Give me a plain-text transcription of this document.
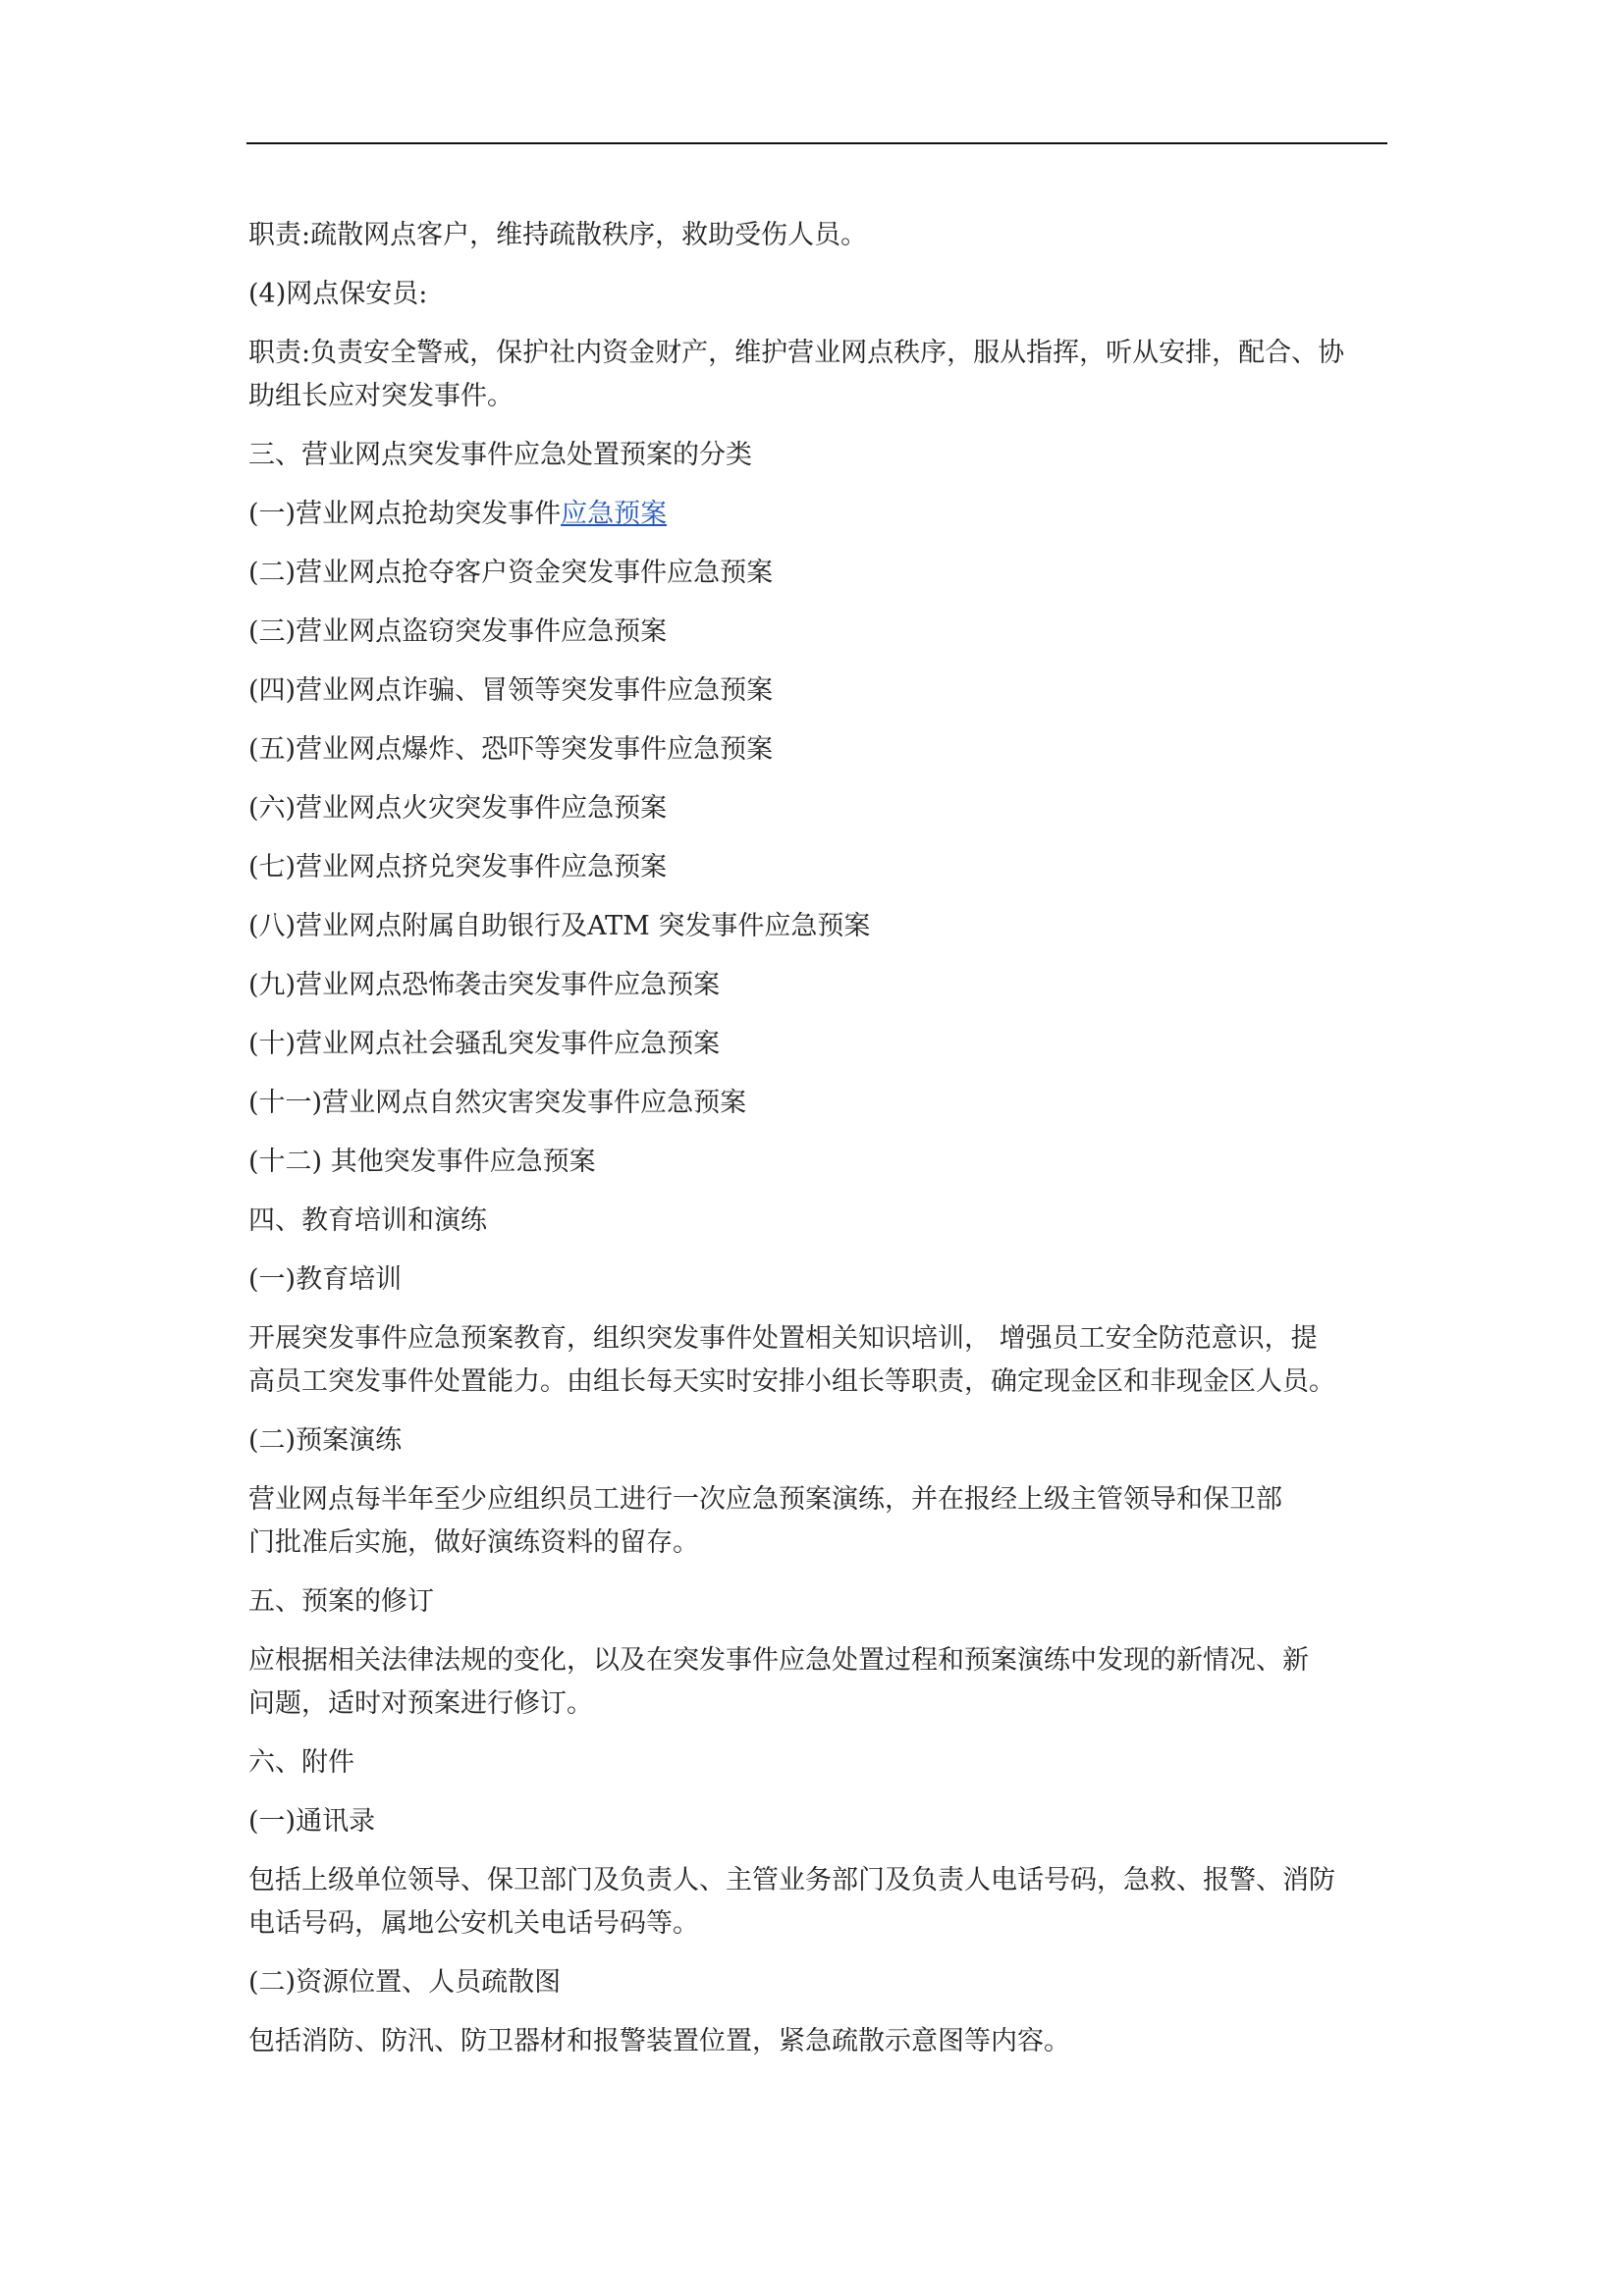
职责:疏散网点客户，维持疏散秩序，救助受伤人员。
(4)网点保安员:
职责:负责安全警戒，保护社内资金财产，维护营业网点秩序，服从指挥，听从安排，配合、协
助组长应对突发事件。
三、营业网点突发事件应急处置预案的分类
(一)营业网点抢劫突发事件应急预案
(二)营业网点抢夺客户资金突发事件应急预案
(三)营业网点盗窃突发事件应急预案
(四)营业网点诈骗、冒领等突发事件应急预案
(五)营业网点爆炸、恐吓等突发事件应急预案
(六)营业网点火灾突发事件应急预案
(七)营业网点挤兑突发事件应急预案
(八)营业网点附属自助银行及ATM 突发事件应急预案
(九)营业网点恐怖袭击突发事件应急预案
(十)营业网点社会骚乱突发事件应急预案
(十一)营业网点自然灾害突发事件应急预案
(十二) 其他突发事件应急预案
四、教育培训和演练
(一)教育培训
开展突发事件应急预案教育，组织突发事件处置相关知识培训， 增强员工安全防范意识，提
高员工突发事件处置能力。由组长每天实时安排小组长等职责，确定现金区和非现金区人员。
(二)预案演练
营业网点每半年至少应组织员工进行一次应急预案演练，并在报经上级主管领导和保卫部
门批准后实施，做好演练资料的留存。
五、预案的修订
应根据相关法律法规的变化，以及在突发事件应急处置过程和预案演练中发现的新情况、新
问题，适时对预案进行修订。
六、附件
(一)通讯录
包括上级单位领导、保卫部门及负责人、主管业务部门及负责人电话号码，急救、报警、消防
电话号码，属地公安机关电话号码等。
(二)资源位置、人员疏散图
包括消防、防汛、防卫器材和报警装置位置，紧急疏散示意图等内容。
